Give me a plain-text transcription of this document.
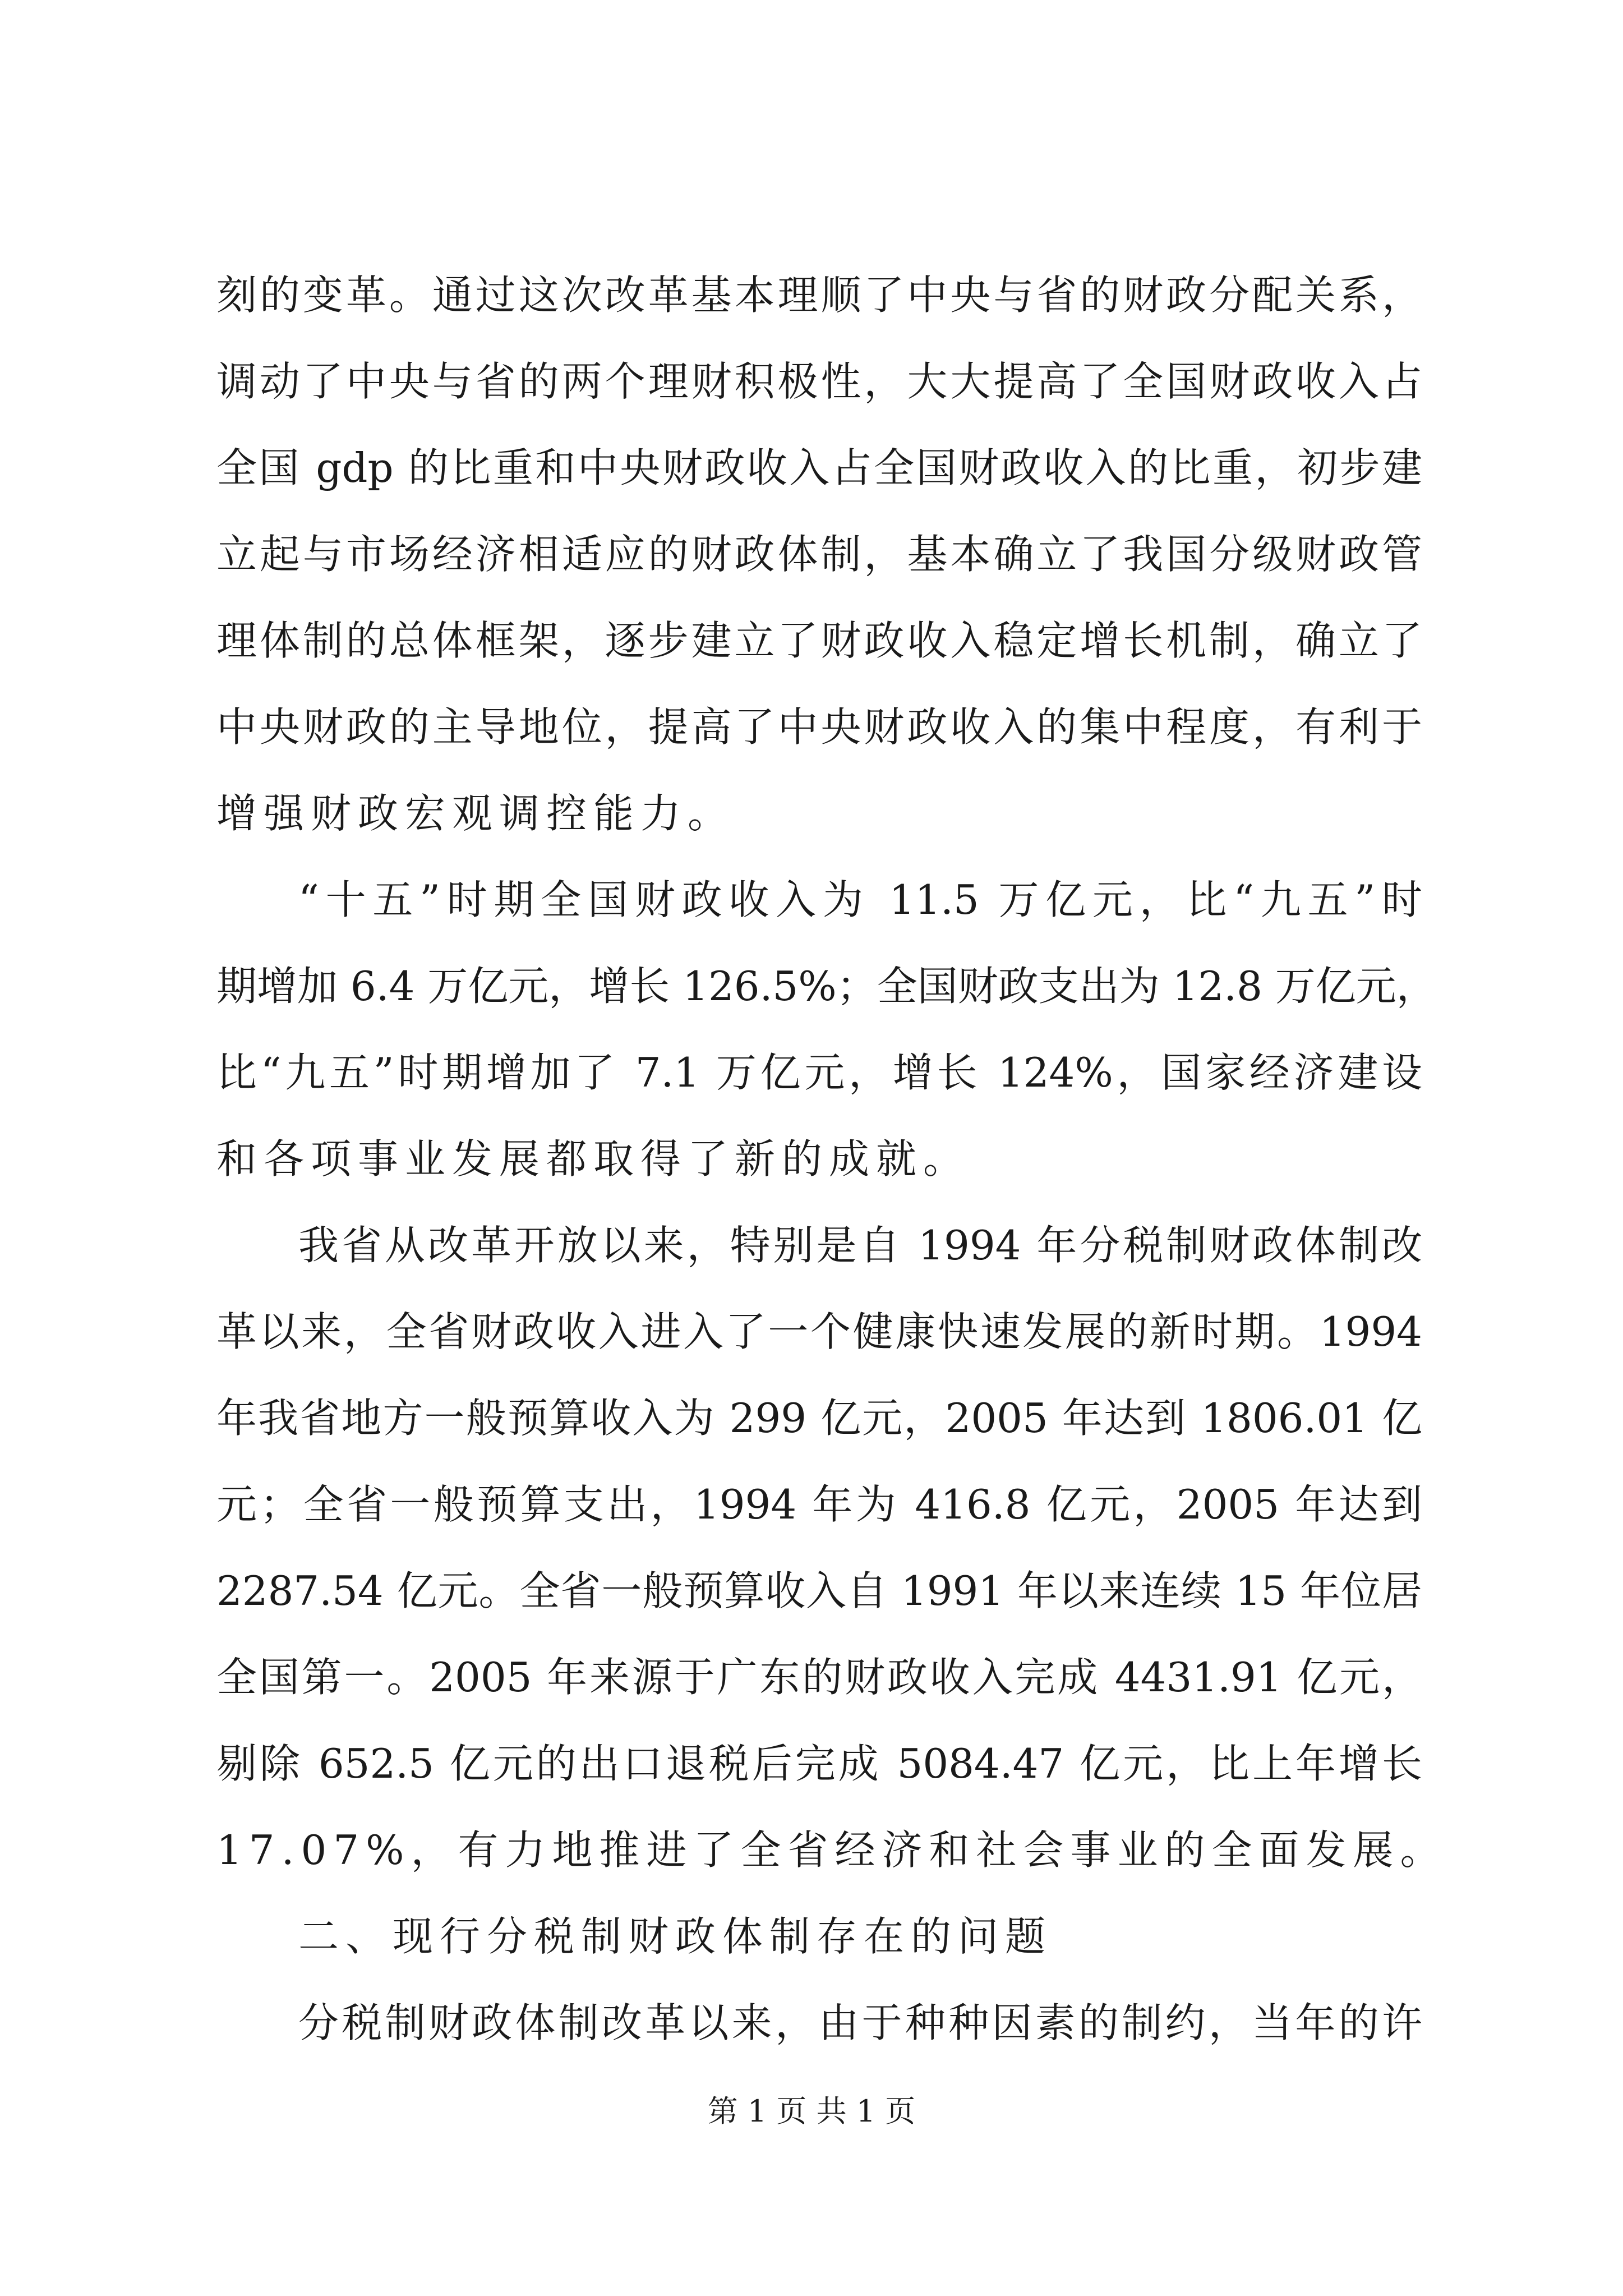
刻的变革。通过这次改革基本理顺了中央与省的财政分配关系，
调动了中央与省的两个理财积极性，大大提高了全国财政收入占
全国 gdp 的比重和中央财政收入占全国财政收入的比重，初步建
立起与市场经济相适应的财政体制，基本确立了我国分级财政管
理体制的总体框架，逐步建立了财政收入稳定增长机制，确立了
中央财政的主导地位，提高了中央财政收入的集中程度，有利于
增强财政宏观调控能力。
“十五”时期全国财政收入为 11.5 万亿元，比“九五”时
期增加 6.4 万亿元，增长 126.5%；全国财政支出为 12.8 万亿元，
比“九五”时期增加了 7.1 万亿元，增长 124%，国家经济建设
和各项事业发展都取得了新的成就。
我省从改革开放以来，特别是自 1994 年分税制财政体制改
革以来，全省财政收入进入了一个健康快速发展的新时期。1994
年我省地方一般预算收入为 299 亿元，2005 年达到 1806.01 亿
元；全省一般预算支出，1994 年为 416.8 亿元，2005 年达到
2287.54 亿元。全省一般预算收入自 1991 年以来连续 15 年位居
全国第一。2005 年来源于广东的财政收入完成 4431.91 亿元，
剔除 652.5 亿元的出口退税后完成 5084.47 亿元，比上年增长
17.07%，有力地推进了全省经济和社会事业的全面发展。
二、现行分税制财政体制存在的问题
分税制财政体制改革以来，由于种种因素的制约，当年的许
第 1 页 共 1 页
